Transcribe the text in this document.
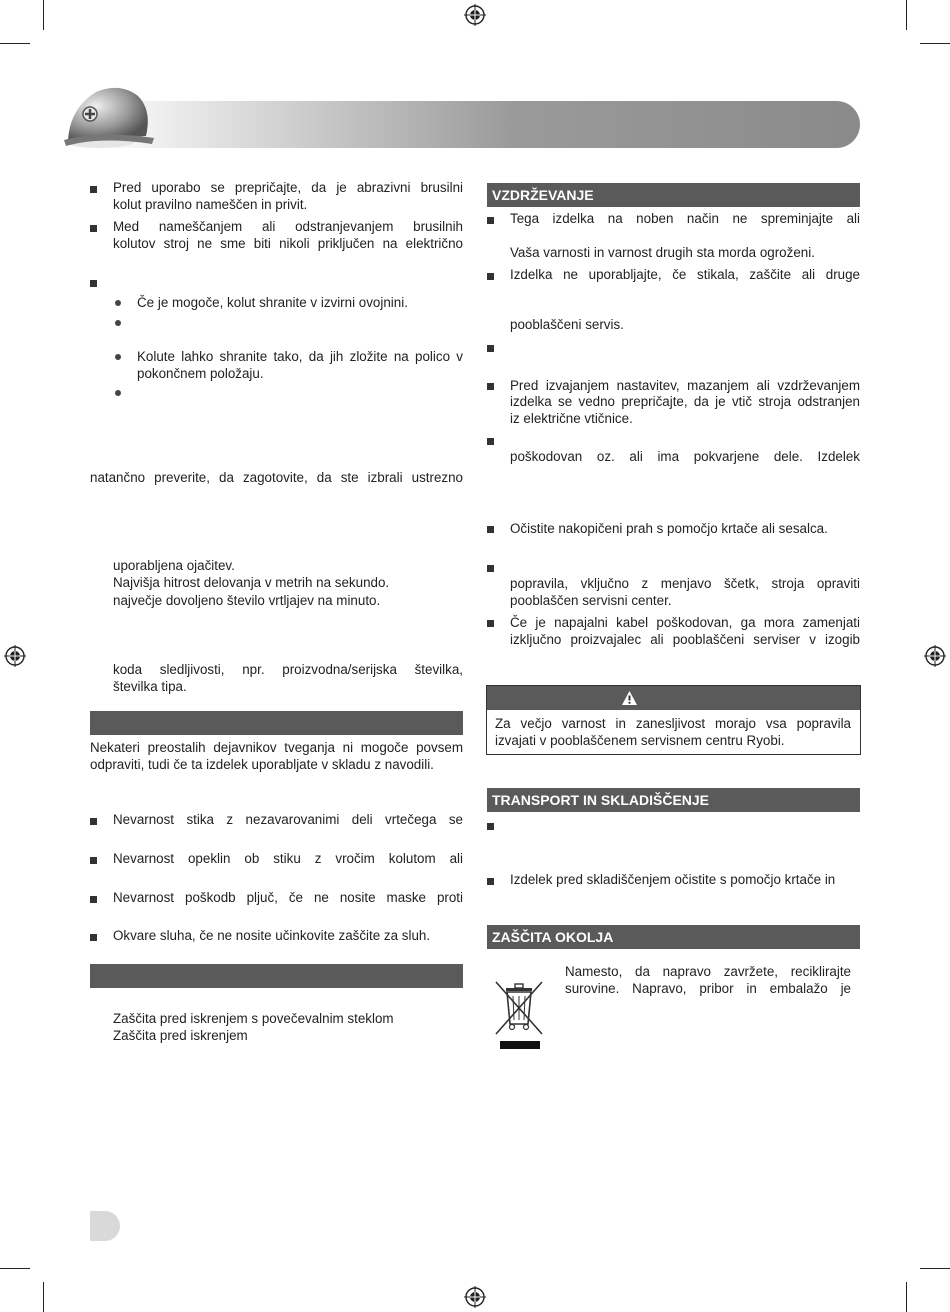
Pred uporabo se prepričajte, da je abrazivni brusilni
kolut pravilno nameščen in privit.
Med nameščanjem ali odstranjevanjem brusilnih
kolutov stroj ne sme biti nikoli priključen na električno
Če je mogoče, kolut shranite v izvirni ovojnini.
Kolute lahko shranite tako, da jih zložite na polico v
pokončnem položaju.
natančno preverite, da zagotovite, da ste izbrali ustrezno
uporabljena ojačitev.
Najvišja hitrost delovanja v metrih na sekundo.
največje dovoljeno število vrtljajev na minuto.
koda sledljivosti, npr. proizvodna/serijska številka,
številka tipa.
Nekateri preostalih dejavnikov tveganja ni mogoče povsem
odpraviti, tudi če ta izdelek uporabljate v skladu z navodili.
Nevarnost stika z nezavarovanimi deli vrtečega se
Nevarnost opeklin ob stiku z vročim kolutom ali
Nevarnost poškodb pljuč, če ne nosite maske proti
Okvare sluha, če ne nosite učinkovite zaščite za sluh.
Zaščita pred iskrenjem s povečevalnim steklom
Zaščita pred iskrenjem
VZDRŽEVANJE
Tega izdelka na noben način ne spreminjajte ali
Vaša varnosti in varnost drugih sta morda ogroženi.
Izdelka ne uporabljajte, če stikala, zaščite ali druge
pooblaščeni servis.
Pred izvajanjem nastavitev, mazanjem ali vzdrževanjem
izdelka se vedno prepričajte, da je vtič stroja odstranjen
iz električne vtičnice.
poškodovan oz. ali ima pokvarjene dele. Izdelek
Očistite nakopičeni prah s pomočjo krtače ali sesalca.
popravila, vključno z menjavo ščetk, stroja opraviti
pooblaščen servisni center.
Če je napajalni kabel poškodovan, ga mora zamenjati
izključno proizvajalec ali pooblaščeni serviser v izogib
Za večjo varnost in zanesljivost morajo vsa popravila
izvajati v pooblaščenem servisnem centru Ryobi.
TRANSPORT IN SKLADIŠČENJE
Izdelek pred skladiščenjem očistite s pomočjo krtače in
ZAŠČITA OKOLJA
Namesto, da napravo zavržete, reciklirajte
surovine. Napravo, pribor in embalažo je
